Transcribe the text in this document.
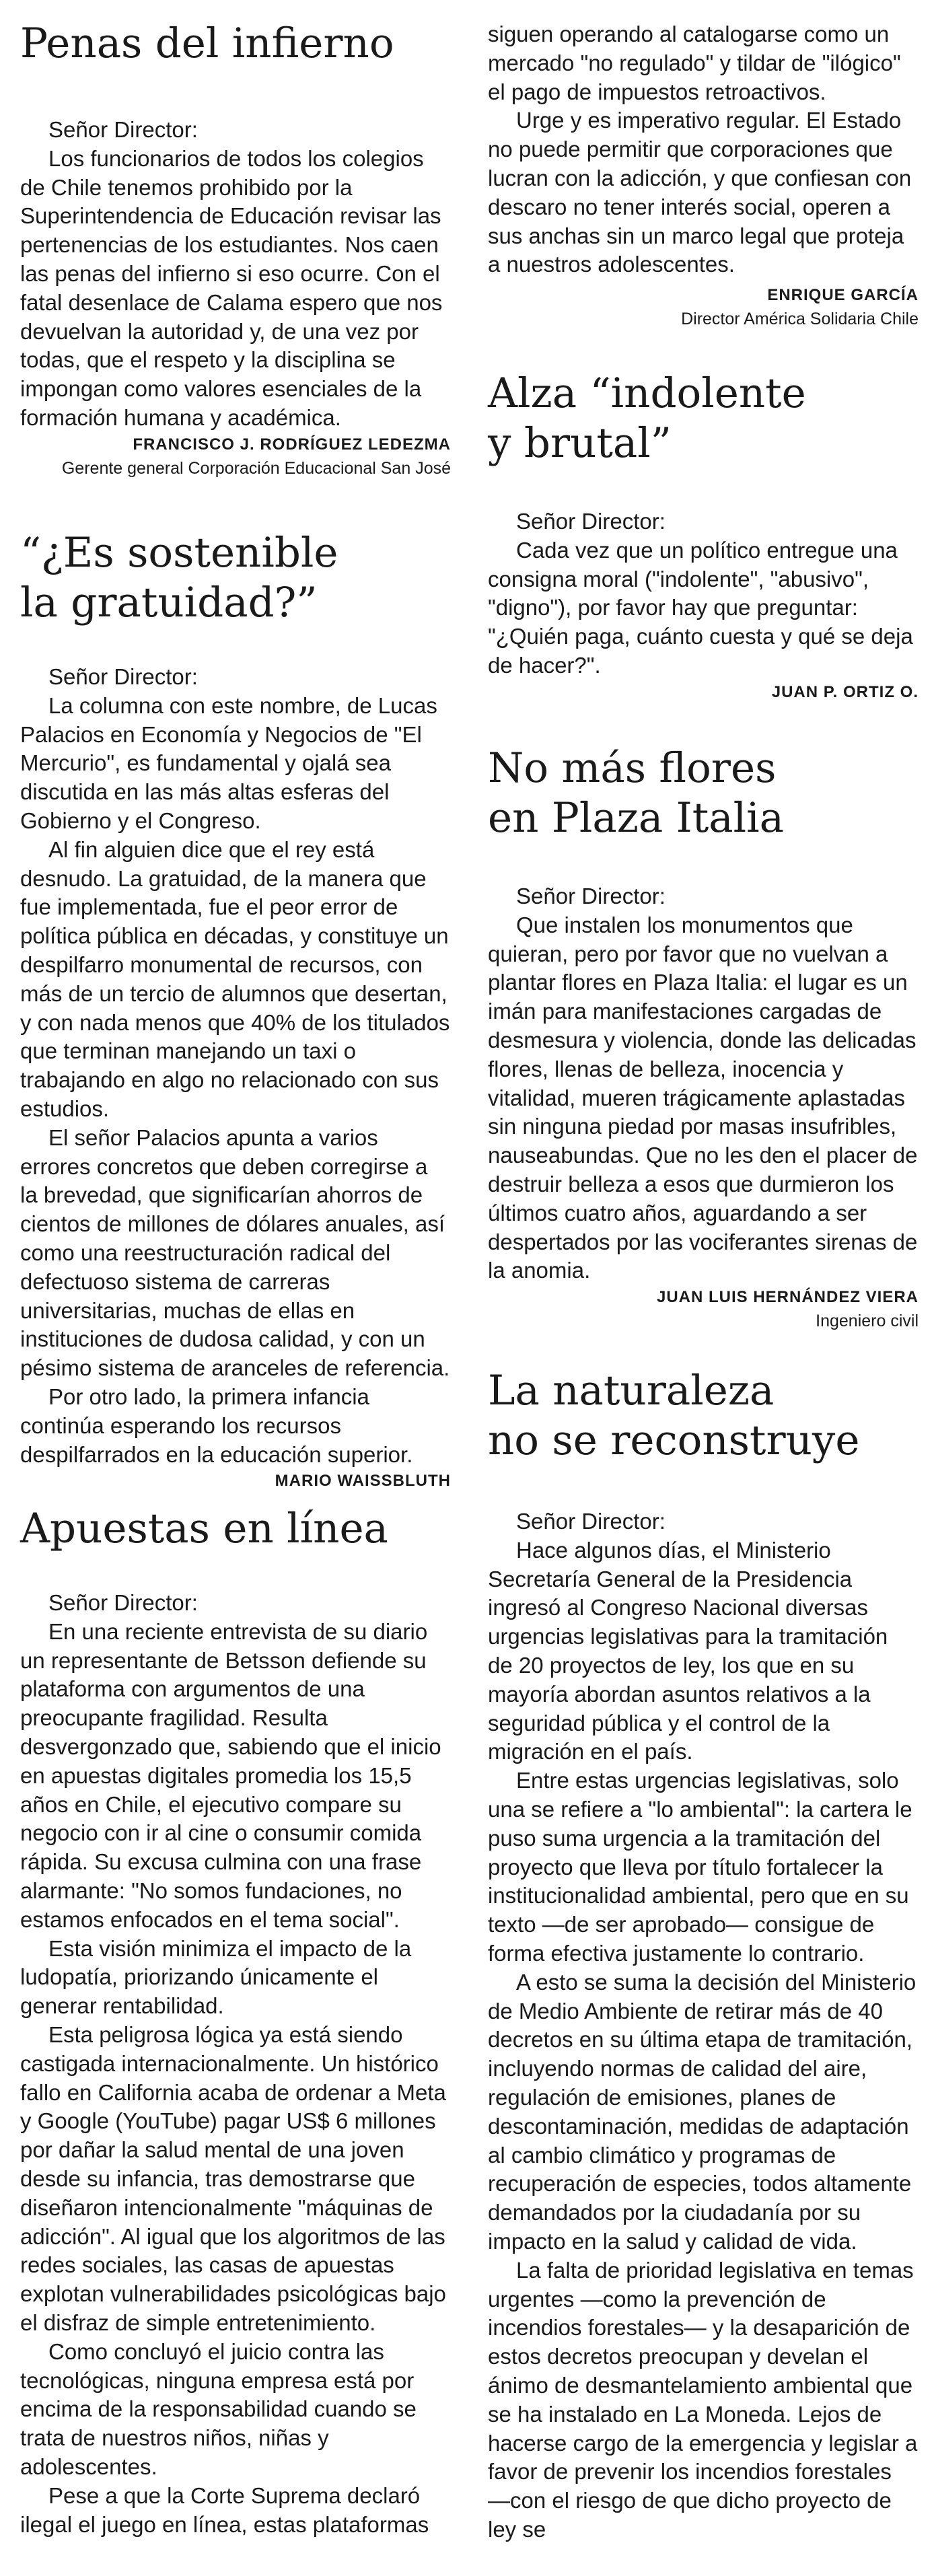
Penas del infierno

Señor Director:

Los funcionarios de todos los colegios de Chile tenemos prohibido por la Superintendencia de Educación revisar las pertenencias de los estudiantes. Nos caen las penas del infierno si eso ocurre. Con el fatal desenlace de Calama espero que nos devuelvan la autoridad y, de una vez por todas, que el respeto y la disciplina se impongan como valores esenciales de la formación humana y académica.

FRANCISCO J. RODRÍGUEZ LEDEZMA

Gerente general Corporación Educacional San José

“¿Es sostenible
la gratuidad?”

Señor Director:

La columna con este nombre, de Lucas Palacios en Economía y Negocios de "El Mercurio", es fundamental y ojalá sea discutida en las más altas esferas del Gobierno y el Congreso.

Al fin alguien dice que el rey está desnudo. La gratuidad, de la manera que fue implementada, fue el peor error de política pública en décadas, y constituye un despilfarro monumental de recursos, con más de un tercio de alumnos que desertan, y con nada menos que 40% de los titulados que terminan manejando un taxi o trabajando en algo no relacionado con sus estudios.

El señor Palacios apunta a varios errores concretos que deben corregirse a la brevedad, que significarían ahorros de cientos de millones de dólares anuales, así como una reestructuración radical del defectuoso sistema de carreras universitarias, muchas de ellas en instituciones de dudosa calidad, y con un pésimo sistema de aranceles de referencia.

Por otro lado, la primera infancia continúa esperando los recursos despilfarrados en la educación superior.

MARIO WAISSBLUTH

Apuestas en línea

Señor Director:

En una reciente entrevista de su diario un representante de Betsson defiende su plataforma con argumentos de una preocupante fragilidad. Resulta desvergonzado que, sabiendo que el inicio en apuestas digitales promedia los 15,5 años en Chile, el ejecutivo compare su negocio con ir al cine o consumir comida rápida. Su excusa culmina con una frase alarmante: "No somos fundaciones, no estamos enfocados en el tema social".

Esta visión minimiza el impacto de la ludopatía, priorizando únicamente el generar rentabilidad.

Esta peligrosa lógica ya está siendo castigada internacionalmente. Un histórico fallo en California acaba de ordenar a Meta y Google (YouTube) pagar US$ 6 millones por dañar la salud mental de una joven desde su infancia, tras demostrarse que diseñaron intencionalmente "máquinas de adicción". Al igual que los algoritmos de las redes sociales, las casas de apuestas explotan vulnerabilidades psicológicas bajo el disfraz de simple entretenimiento.

Como concluyó el juicio contra las tecnológicas, ninguna empresa está por encima de la responsabilidad cuando se trata de nuestros niños, niñas y adolescentes.

Pese a que la Corte Suprema declaró ilegal el juego en línea, estas plataformas

siguen operando al catalogarse como un mercado "no regulado" y tildar de "ilógico" el pago de impuestos retroactivos.

Urge y es imperativo regular. El Estado no puede permitir que corporaciones que lucran con la adicción, y que confiesan con descaro no tener interés social, operen a sus anchas sin un marco legal que proteja a nuestros adolescentes.

ENRIQUE GARCÍA

Director América Solidaria Chile

Alza “indolente
y brutal”

Señor Director:

Cada vez que un político entregue una consigna moral ("indolente", "abusivo", "digno"), por favor hay que preguntar: "¿Quién paga, cuánto cuesta y qué se deja de hacer?".

JUAN P. ORTIZ O.

No más flores
en Plaza Italia

Señor Director:

Que instalen los monumentos que quieran, pero por favor que no vuelvan a plantar flores en Plaza Italia: el lugar es un imán para manifestaciones cargadas de desmesura y violencia, donde las delicadas flores, llenas de belleza, inocencia y vitalidad, mueren trágicamente aplastadas sin ninguna piedad por masas insufribles, nauseabundas. Que no les den el placer de destruir belleza a esos que durmieron los últimos cuatro años, aguardando a ser despertados por las vociferantes sirenas de la anomia.

JUAN LUIS HERNÁNDEZ VIERA

Ingeniero civil

La naturaleza
no se reconstruye

Señor Director:

Hace algunos días, el Ministerio Secretaría General de la Presidencia ingresó al Congreso Nacional diversas urgencias legislativas para la tramitación de 20 proyectos de ley, los que en su mayoría abordan asuntos relativos a la seguridad pública y el control de la migración en el país.

Entre estas urgencias legislativas, solo una se refiere a "lo ambiental": la cartera le puso suma urgencia a la tramitación del proyecto que lleva por título fortalecer la institucionalidad ambiental, pero que en su texto —de ser aprobado— consigue de forma efectiva justamente lo contrario.

A esto se suma la decisión del Ministerio de Medio Ambiente de retirar más de 40 decretos en su última etapa de tramitación, incluyendo normas de calidad del aire, regulación de emisiones, planes de descontaminación, medidas de adaptación al cambio climático y programas de recuperación de especies, todos altamente demandados por la ciudadanía por su impacto en la salud y calidad de vida.

La falta de prioridad legislativa en temas urgentes —como la prevención de incendios forestales— y la desaparición de estos decretos preocupan y develan el ánimo de desmantelamiento ambiental que se ha instalado en La Moneda. Lejos de hacerse cargo de la emergencia y legislar a favor de prevenir los incendios forestales —con el riesgo de que dicho proyecto de ley se
